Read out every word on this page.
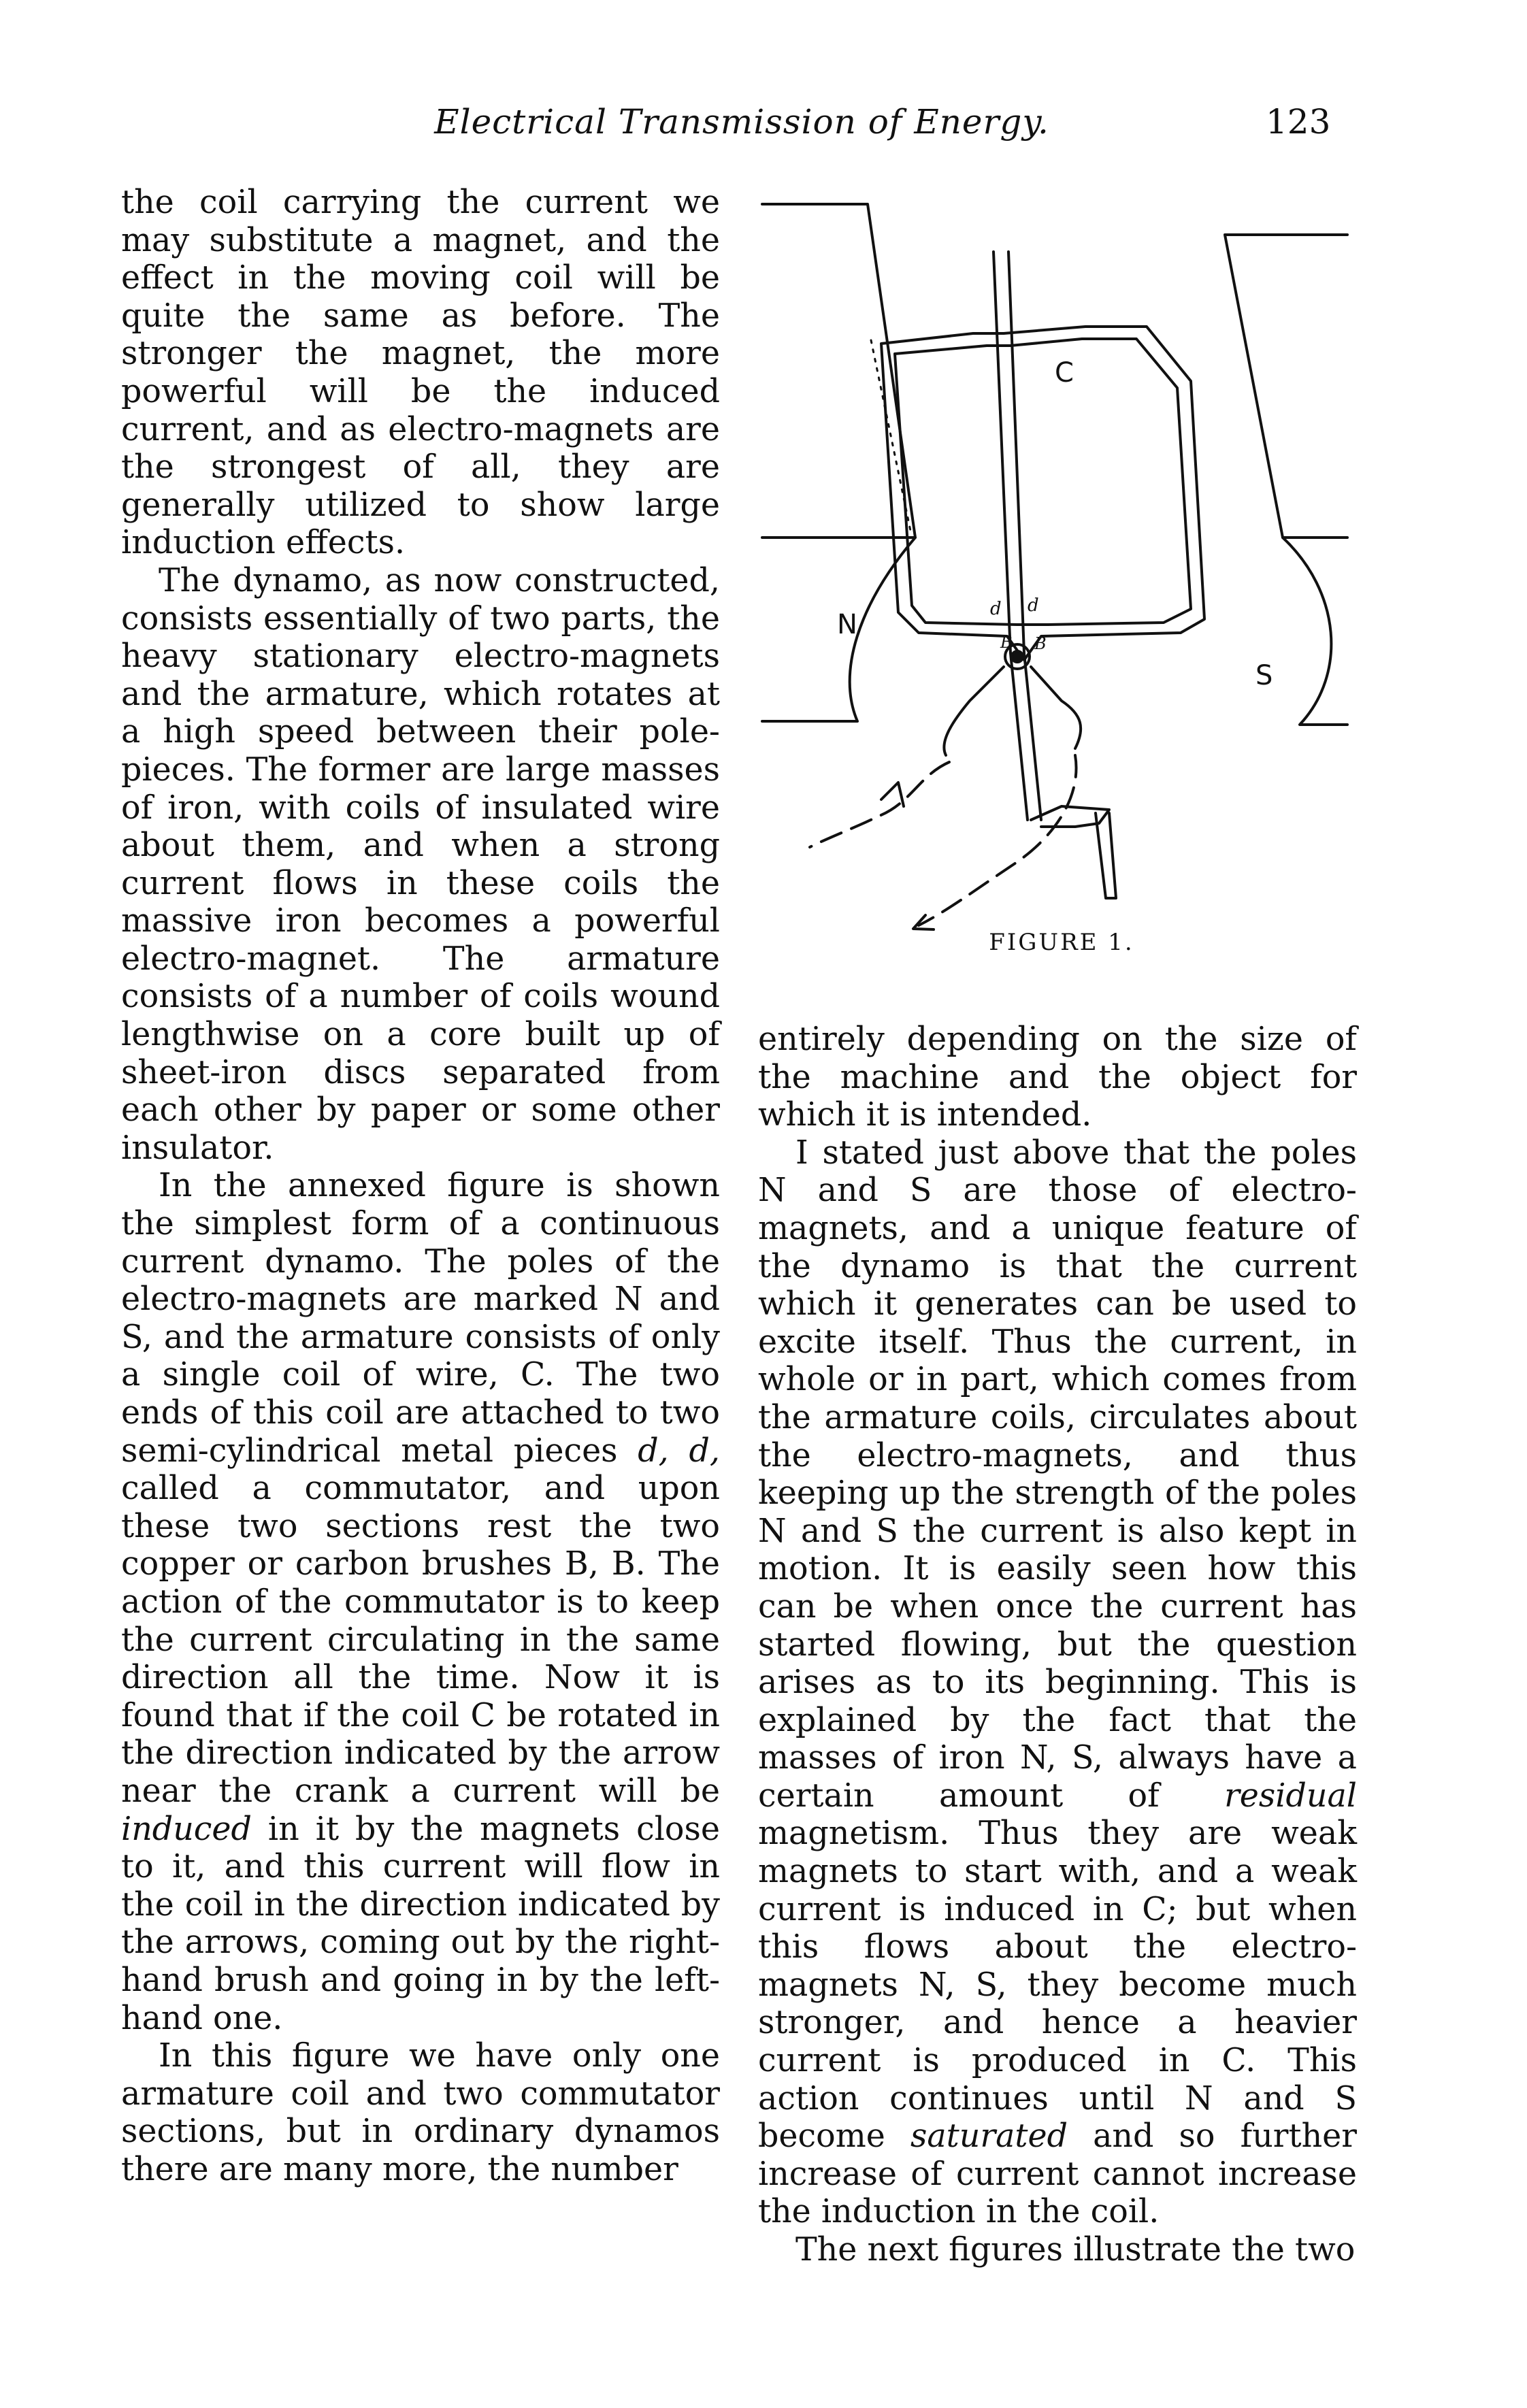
Electrical Transmission of Energy.	123

the coil carrying the current we may substitute a magnet, and the effect in the moving coil will be quite the same as before. The stronger the magnet, the more powerful will be the induced current, and as electro-magnets are the strongest of all, they are generally utilized to show large induction effects.

The dynamo, as now constructed, consists essentially of two parts, the heavy stationary electro-magnets and the armature, which rotates at a high speed between their pole-pieces. The former are large masses of iron, with coils of insulated wire about them, and when a strong current flows in these coils the massive iron becomes a powerful electro-magnet. The armature consists of a number of coils wound lengthwise on a core built up of sheet-iron discs separated from each other by paper or some other insulator.

In the annexed figure is shown the simplest form of a continuous current dynamo. The poles of the electro-magnets are marked N and S, and the armature consists of only a single coil of wire, C. The two ends of this coil are attached to two semi-cylindrical metal pieces d, d, called a commutator, and upon these two sections rest the two copper or carbon brushes B, B. The action of the commutator is to keep the current circulating in the same direction all the time. Now it is found that if the coil C be rotated in the direction indicated by the arrow near the crank a current will be induced in it by the magnets close to it, and this current will flow in the coil in the direction indicated by the arrows, coming out by the right-hand brush and going in by the left-hand one.

In this figure we have only one armature coil and two commutator sections, but in ordinary dynamos there are many more, the number

N
S
C
d d
B B
FIGURE 1.

entirely depending on the size of the machine and the object for which it is intended.

I stated just above that the poles N and S are those of electro-magnets, and a unique feature of the dynamo is that the current which it generates can be used to excite itself. Thus the current, in whole or in part, which comes from the armature coils, circulates about the electro-magnets, and thus keeping up the strength of the poles N and S the current is also kept in motion. It is easily seen how this can be when once the current has started flowing, but the question arises as to its beginning. This is explained by the fact that the masses of iron N, S, always have a certain amount of residual magnetism. Thus they are weak magnets to start with, and a weak current is induced in C; but when this flows about the electro-magnets N, S, they become much stronger, and hence a heavier current is produced in C. This action continues until N and S become saturated and so further increase of current cannot increase the induction in the coil.

The next figures illustrate the two
